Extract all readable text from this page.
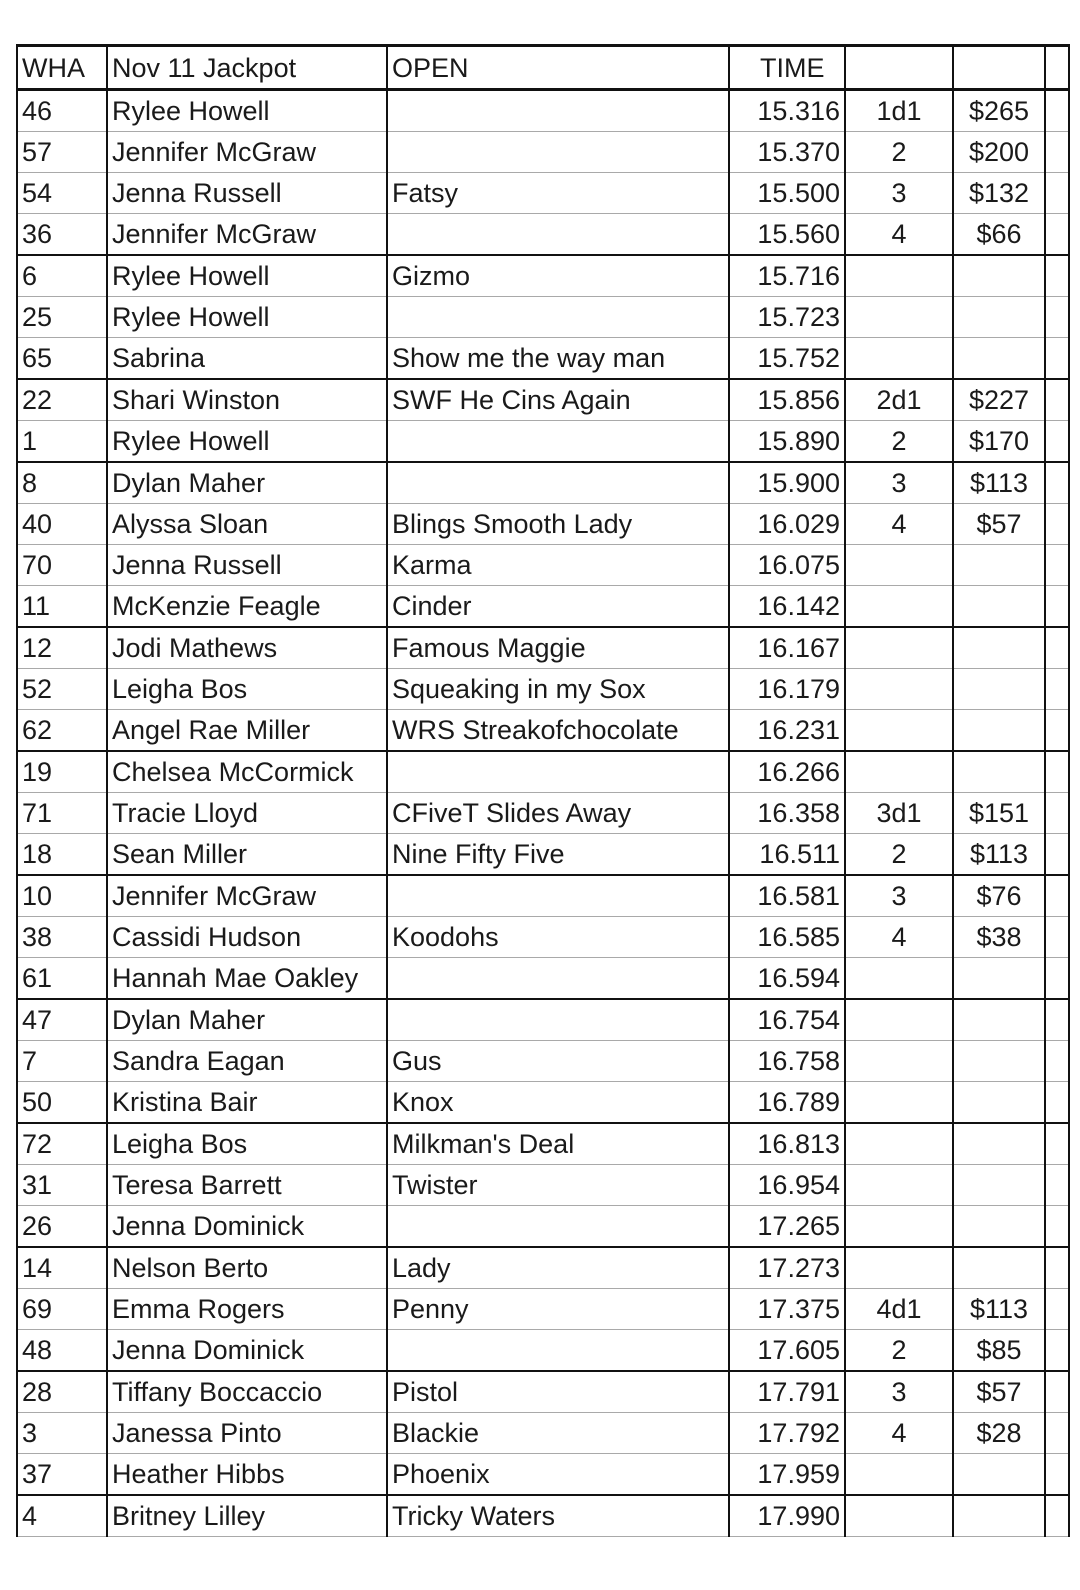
WHA	Nov 11 Jackpot	OPEN	TIME			
46	Rylee Howell		15.316	1d1	$265	
57	Jennifer McGraw		15.370	2	$200	
54	Jenna Russell	Fatsy	15.500	3	$132	
36	Jennifer McGraw		15.560	4	$66	
6	Rylee Howell	Gizmo	15.716			
25	Rylee Howell		15.723			
65	Sabrina	Show me the way man	15.752			
22	Shari Winston	SWF He Cins Again	15.856	2d1	$227	
1	Rylee Howell		15.890	2	$170	
8	Dylan Maher		15.900	3	$113	
40	Alyssa Sloan	Blings Smooth Lady	16.029	4	$57	
70	Jenna Russell	Karma	16.075			
11	McKenzie Feagle	Cinder	16.142			
12	Jodi Mathews	Famous Maggie	16.167			
52	Leigha Bos	Squeaking in my Sox	16.179			
62	Angel Rae Miller	WRS Streakofchocolate	16.231			
19	Chelsea McCormick		16.266			
71	Tracie Lloyd	CFiveT Slides Away	16.358	3d1	$151	
18	Sean Miller	Nine Fifty Five	16.511	2	$113	
10	Jennifer McGraw		16.581	3	$76	
38	Cassidi Hudson	Koodohs	16.585	4	$38	
61	Hannah Mae Oakley		16.594			
47	Dylan Maher		16.754			
7	Sandra Eagan	Gus	16.758			
50	Kristina Bair	Knox	16.789			
72	Leigha Bos	Milkman's Deal	16.813			
31	Teresa Barrett	Twister	16.954			
26	Jenna Dominick		17.265			
14	Nelson Berto	Lady	17.273			
69	Emma Rogers	Penny	17.375	4d1	$113	
48	Jenna Dominick		17.605	2	$85	
28	Tiffany Boccaccio	Pistol	17.791	3	$57	
3	Janessa Pinto	Blackie	17.792	4	$28	
37	Heather Hibbs	Phoenix	17.959			
4	Britney Lilley	Tricky Waters	17.990			
